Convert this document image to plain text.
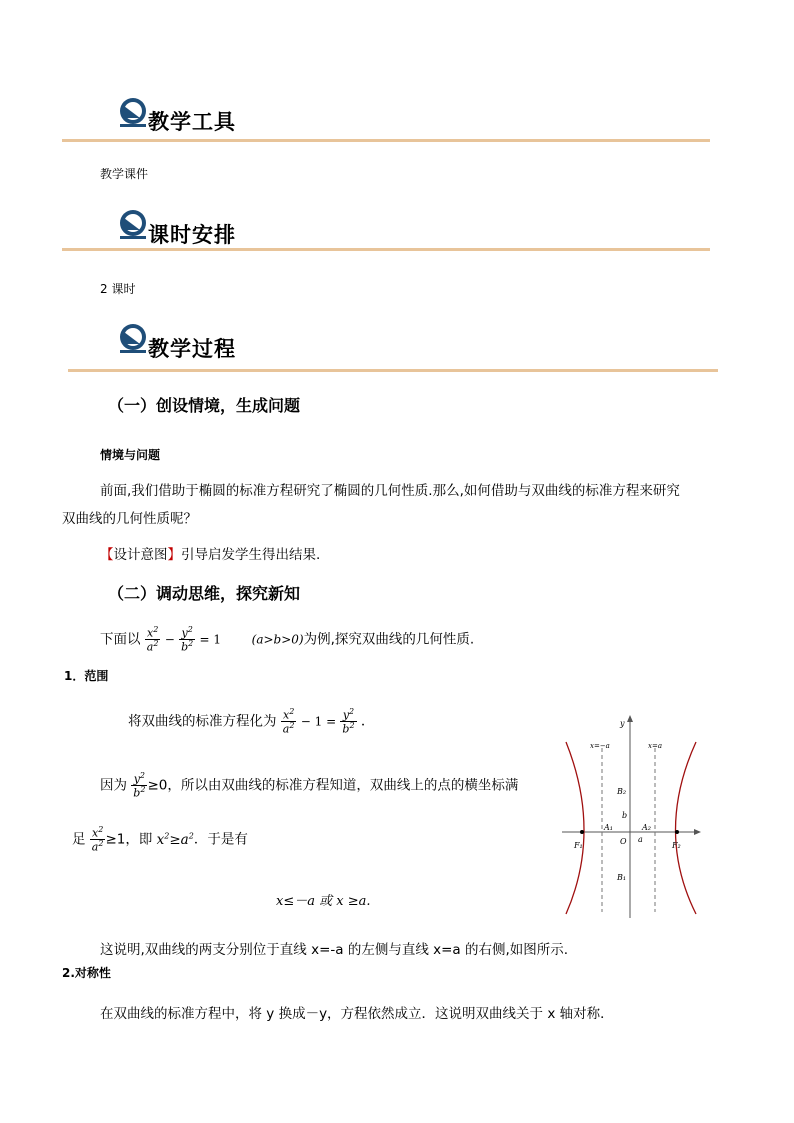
教学工具
教学课件
课时安排
2 课时
教学过程
（一）创设情境，生成问题
情境与问题
前面,我们借助于椭圆的标准方程研究了椭圆的几何性质.那么,如何借助与双曲线的标准方程来研究
双曲线的几何性质呢？
【设计意图】引导启发学生得出结果.
（二）调动思维，探究新知
下面以 $\frac{x^2}{a^2} - \frac{y^2}{b^2} = 1$	(a>b>0)为例,探究双曲线的几何性质.
1．范围
将双曲线的标准方程化为 $\frac{x^2}{a^2} - 1 = \frac{y^2}{b^2}$ .
因为 $\frac{y^2}{b^2} \ge 0$，所以由双曲线的标准方程知道，双曲线上的点的横坐标满
足 $\frac{x^2}{a^2} \ge 1$，即 $x^2\ge a^2$．于是有
x≤－a 或 x ≥a.
这说明,双曲线的两支分别位于直线 x=-a 的左侧与直线 x=a 的右侧,如图所示.
y
x=−a	x=a
B₂
b
A₁	A₂
O a
F₁	F₂
B₁
2.对称性
在双曲线的标准方程中，将 y 换成－y，方程依然成立．这说明双曲线关于 x 轴对称．
